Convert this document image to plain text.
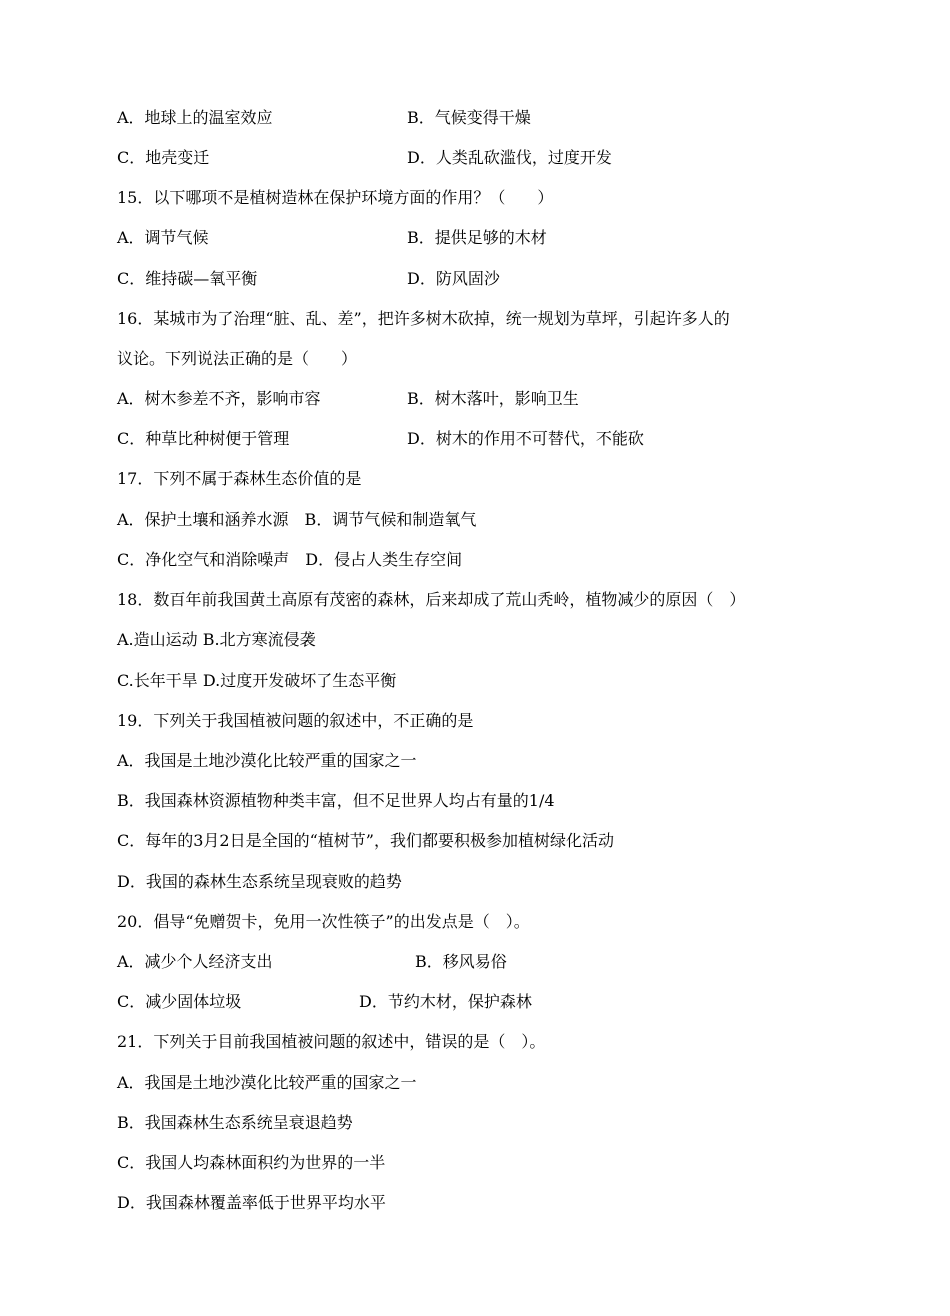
A．地球上的温室效应	B．气候变得干燥
C．地壳变迁	D．人类乱砍滥伐，过度开发
15．以下哪项不是植树造林在保护环境方面的作用？（　　）
A．调节气候	B．提供足够的木材
C．维持碳—氧平衡	D．防风固沙
16．某城市为了治理“脏、乱、差”，把许多树木砍掉，统一规划为草坪，引起许多人的
议论。下列说法正确的是（　　）
A．树木参差不齐，影响市容	B．树木落叶，影响卫生
C．种草比种树便于管理	D．树木的作用不可替代，不能砍
17．下列不属于森林生态价值的是
A．保护土壤和涵养水源　B．调节气候和制造氧气
C．净化空气和消除噪声　D．侵占人类生存空间
18．数百年前我国黄土高原有茂密的森林，后来却成了荒山秃岭，植物减少的原因（　）
A.造山运动 B.北方寒流侵袭
C.长年干旱 D.过度开发破坏了生态平衡
19．下列关于我国植被问题的叙述中，不正确的是
A．我国是土地沙漠化比较严重的国家之一
B．我国森林资源植物种类丰富，但不足世界人均占有量的1/4
C．每年的3月2日是全国的“植树节”，我们都要积极参加植树绿化活动
D．我国的森林生态系统呈现衰败的趋势
20．倡导“免赠贺卡，免用一次性筷子”的出发点是（　）。
A．减少个人经济支出	B．移风易俗
C．减少固体垃圾	D．节约木材，保护森林
21．下列关于目前我国植被问题的叙述中，错误的是（　）。
A．我国是土地沙漠化比较严重的国家之一
B．我国森林生态系统呈衰退趋势
C．我国人均森林面积约为世界的一半
D．我国森林覆盖率低于世界平均水平
